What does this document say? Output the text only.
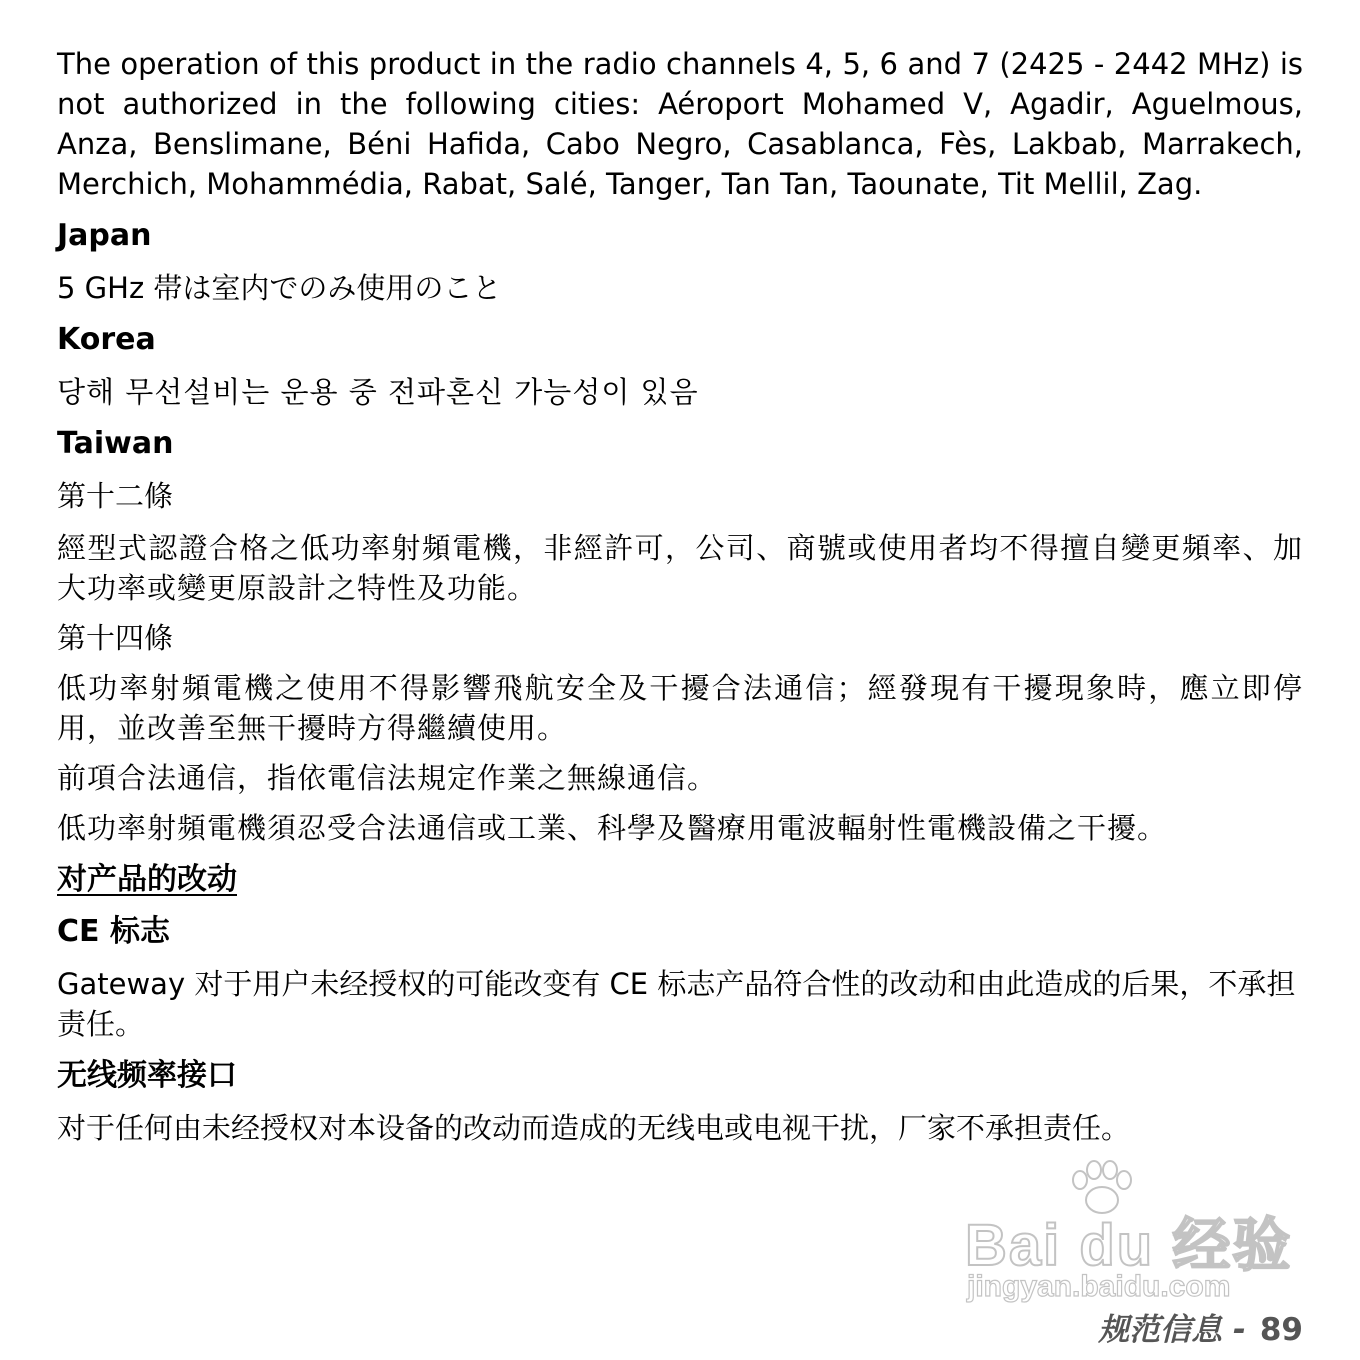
The operation of this product in the radio channels 4, 5, 6 and 7 (2425 - 2442 MHz) is not authorized in the following cities: Aéroport Mohamed V, Agadir, Aguelmous, Anza, Benslimane, Béni Hafida, Cabo Negro, Casablanca, Fès, Lakbab, Marrakech, Merchich, Mohammédia, Rabat, Salé, Tanger, Tan Tan, Taounate, Tit Mellil, Zag.

Japan

5 GHz 帯は室内でのみ使用のこと

Korea

당해 무선설비는 운용 중 전파혼신 가능성이 있음

Taiwan

第十二條

經型式認證合格之低功率射頻電機，非經許可，公司、商號或使用者均不得擅自變更頻率、加大功率或變更原設計之特性及功能。

第十四條

低功率射頻電機之使用不得影響飛航安全及干擾合法通信；經發現有干擾現象時，應立即停用，並改善至無干擾時方得繼續使用。

前項合法通信，指依電信法規定作業之無線通信。

低功率射頻電機須忍受合法通信或工業、科學及醫療用電波輻射性電機設備之干擾。

对产品的改动

CE 标志

Gateway 对于用户未经授权的可能改变有 CE 标志产品符合性的改动和由此造成的后果，不承担责任。

无线频率接口

对于任何由未经授权对本设备的改动而造成的无线电或电视干扰，厂家不承担责任。

Bai du 经验
jingyan.baidu.com
规范信息 - 89
